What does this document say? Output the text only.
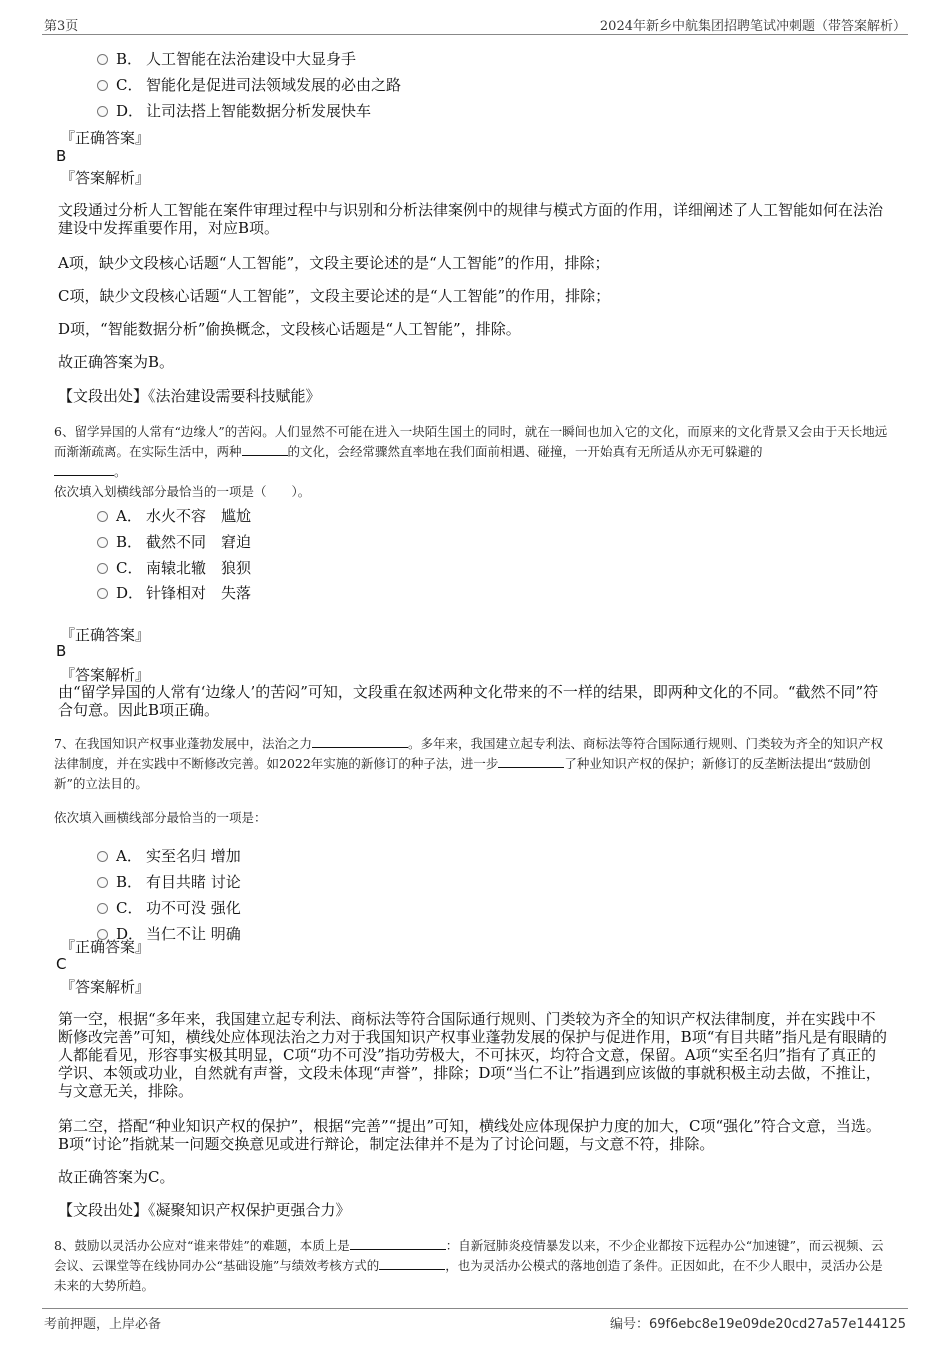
第3页	2024年新乡中航集团招聘笔试冲刺题（带答案解析）
B． 人工智能在法治建设中大显身手
C． 智能化是促进司法领域发展的必由之路
D． 让司法搭上智能数据分析发展快车
『正确答案』
B
『答案解析』
文段通过分析人工智能在案件审理过程中与识别和分析法律案例中的规律与模式方面的作用，详细阐述了人工智能如何在法治建设中发挥重要作用，对应B项。
A项，缺少文段核心话题“人工智能”，文段主要论述的是“人工智能”的作用，排除；
C项，缺少文段核心话题“人工智能”，文段主要论述的是“人工智能”的作用，排除；
D项，“智能数据分析”偷换概念，文段核心话题是“人工智能”，排除。
故正确答案为B。
【文段出处】《法治建设需要科技赋能》
6、留学异国的人常有“边缘人”的苦闷。人们显然不可能在进入一块陌生国土的同时，就在一瞬间也加入它的文化，而原来的文化背景又会由于天长地远而渐渐疏离。在实际生活中，两种	的文化，会经常骤然直率地在我们面前相遇、碰撞，一开始真有无所适从亦无可躲避的
。
依次填入划横线部分最恰当的一项是（　　）。
A． 水火不容　尴尬
B． 截然不同　窘迫
C． 南辕北辙　狼狈
D． 针锋相对　失落
『正确答案』
B
『答案解析』
由“留学异国的人常有‘边缘人’的苦闷”可知，文段重在叙述两种文化带来的不一样的结果，即两种文化的不同。“截然不同”符合句意。因此B项正确。
7、在我国知识产权事业蓬勃发展中，法治之力	。多年来，我国建立起专利法、商标法等符合国际通行规则、门类较为齐全的知识产权法律制度，并在实践中不断修改完善。如2022年实施的新修订的种子法，进一步	了种业知识产权的保护；新修订的反垄断法提出“鼓励创新”的立法目的。
依次填入画横线部分最恰当的一项是：
A． 实至名归 增加
B． 有目共睹 讨论
C． 功不可没 强化
D． 当仁不让 明确
『正确答案』
C
『答案解析』
第一空，根据“多年来，我国建立起专利法、商标法等符合国际通行规则、门类较为齐全的知识产权法律制度，并在实践中不断修改完善”可知，横线处应体现法治之力对于我国知识产权事业蓬勃发展的保护与促进作用，B项“有目共睹”指凡是有眼睛的人都能看见，形容事实极其明显，C项“功不可没”指功劳极大，不可抹灭，均符合文意，保留。A项“实至名归”指有了真正的学识、本领或功业，自然就有声誉，文段未体现“声誉”，排除；D项“当仁不让”指遇到应该做的事就积极主动去做，不推让，与文意无关，排除。
第二空，搭配“种业知识产权的保护”，根据“完善”“提出”可知，横线处应体现保护力度的加大，C项“强化”符合文意，当选。B项“讨论”指就某一问题交换意见或进行辩论，制定法律并不是为了讨论问题，与文意不符，排除。
故正确答案为C。
【文段出处】《凝聚知识产权保护更强合力》
8、鼓励以灵活办公应对“谁来带娃”的难题，本质上是	：自新冠肺炎疫情暴发以来，不少企业都按下远程办公“加速键”，而云视频、云会议、云课堂等在线协同办公“基础设施”与绩效考核方式的	，也为灵活办公模式的落地创造了条件。正因如此，在不少人眼中，灵活办公是未来的大势所趋。
考前押题，上岸必备	编号：69f6ebc8e19e09de20cd27a57e144125
